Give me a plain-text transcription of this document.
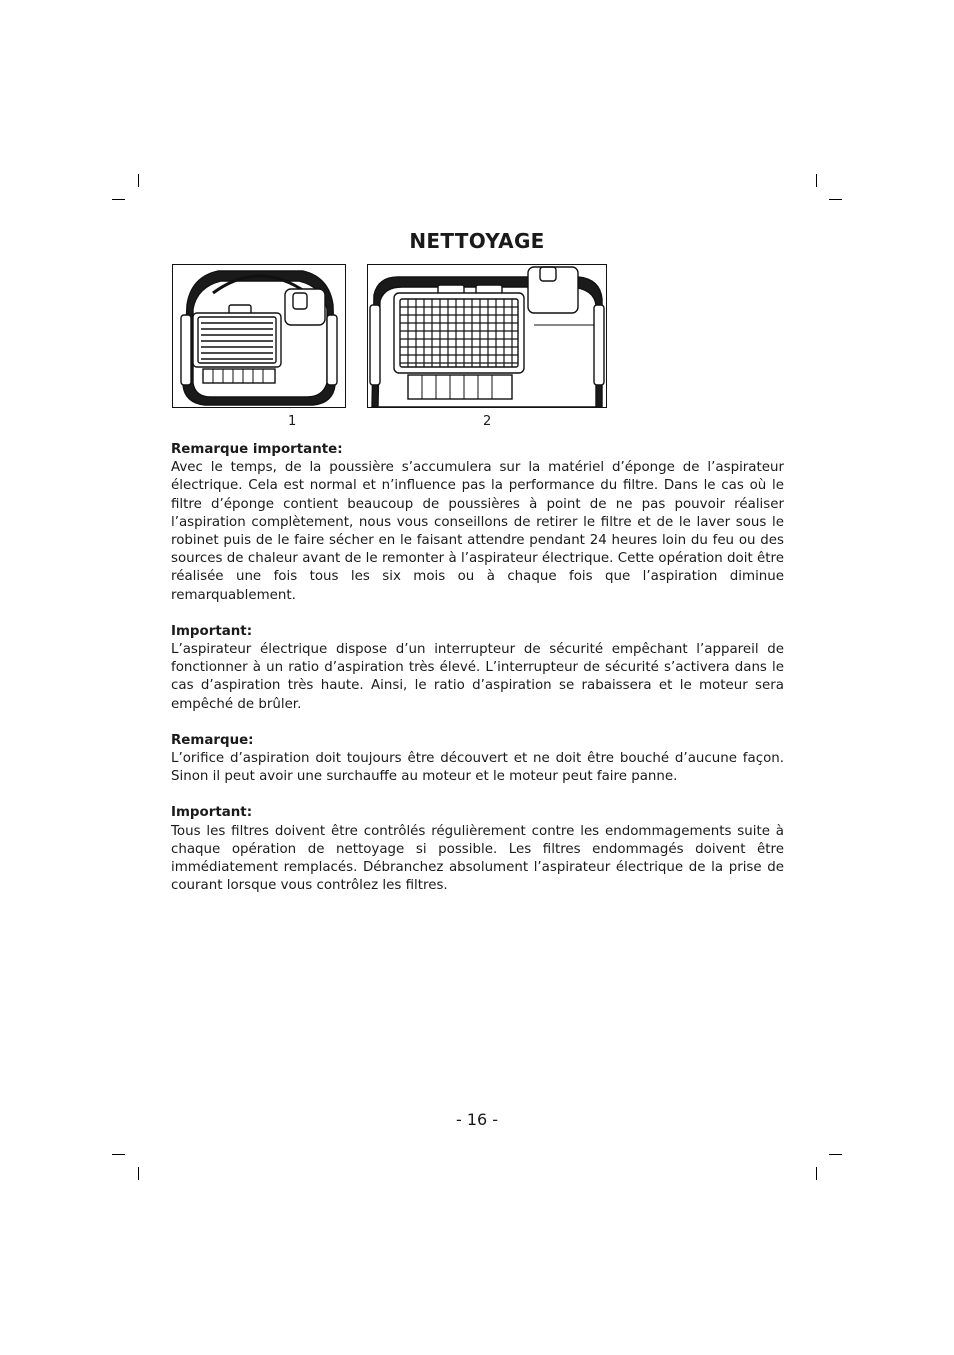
NETTOYAGE
1	2

Remarque importante:

Avec le temps, de la poussière s’accumulera sur la matériel d’éponge de l’aspirateur électrique. Cela est normal et n’influence pas la performance du filtre. Dans le cas où le filtre d’éponge contient beaucoup de poussières à point de ne pas pouvoir réaliser l’aspiration complètement, nous vous conseillons de retirer le filtre et de le laver sous le robinet puis de le faire sécher en le faisant attendre pendant 24 heures loin du feu ou des sources de chaleur avant de le remonter à l’aspirateur électrique. Cette opération doit être réalisée une fois tous les six mois ou à chaque fois que l’aspiration diminue remarquablement.

Important:

L’aspirateur électrique dispose d’un interrupteur de sécurité empêchant l’appareil de fonctionner à un ratio d’aspiration très élevé. L’interrupteur de sécurité s’activera dans le cas d’aspiration très haute. Ainsi, le ratio d’aspiration se rabaissera et le moteur sera empêché de brûler.

Remarque:

L’orifice d’aspiration doit toujours être découvert et ne doit être bouché d’aucune façon. Sinon il peut avoir une surchauffe au moteur et le moteur peut faire panne.

Important:

Tous les filtres doivent être contrôlés régulièrement contre les endommagements suite à chaque opération de nettoyage si possible. Les filtres endommagés doivent être immédiatement remplacés. Débranchez absolument l’aspirateur électrique de la prise de courant lorsque vous contrôlez les filtres.

- 16 -
